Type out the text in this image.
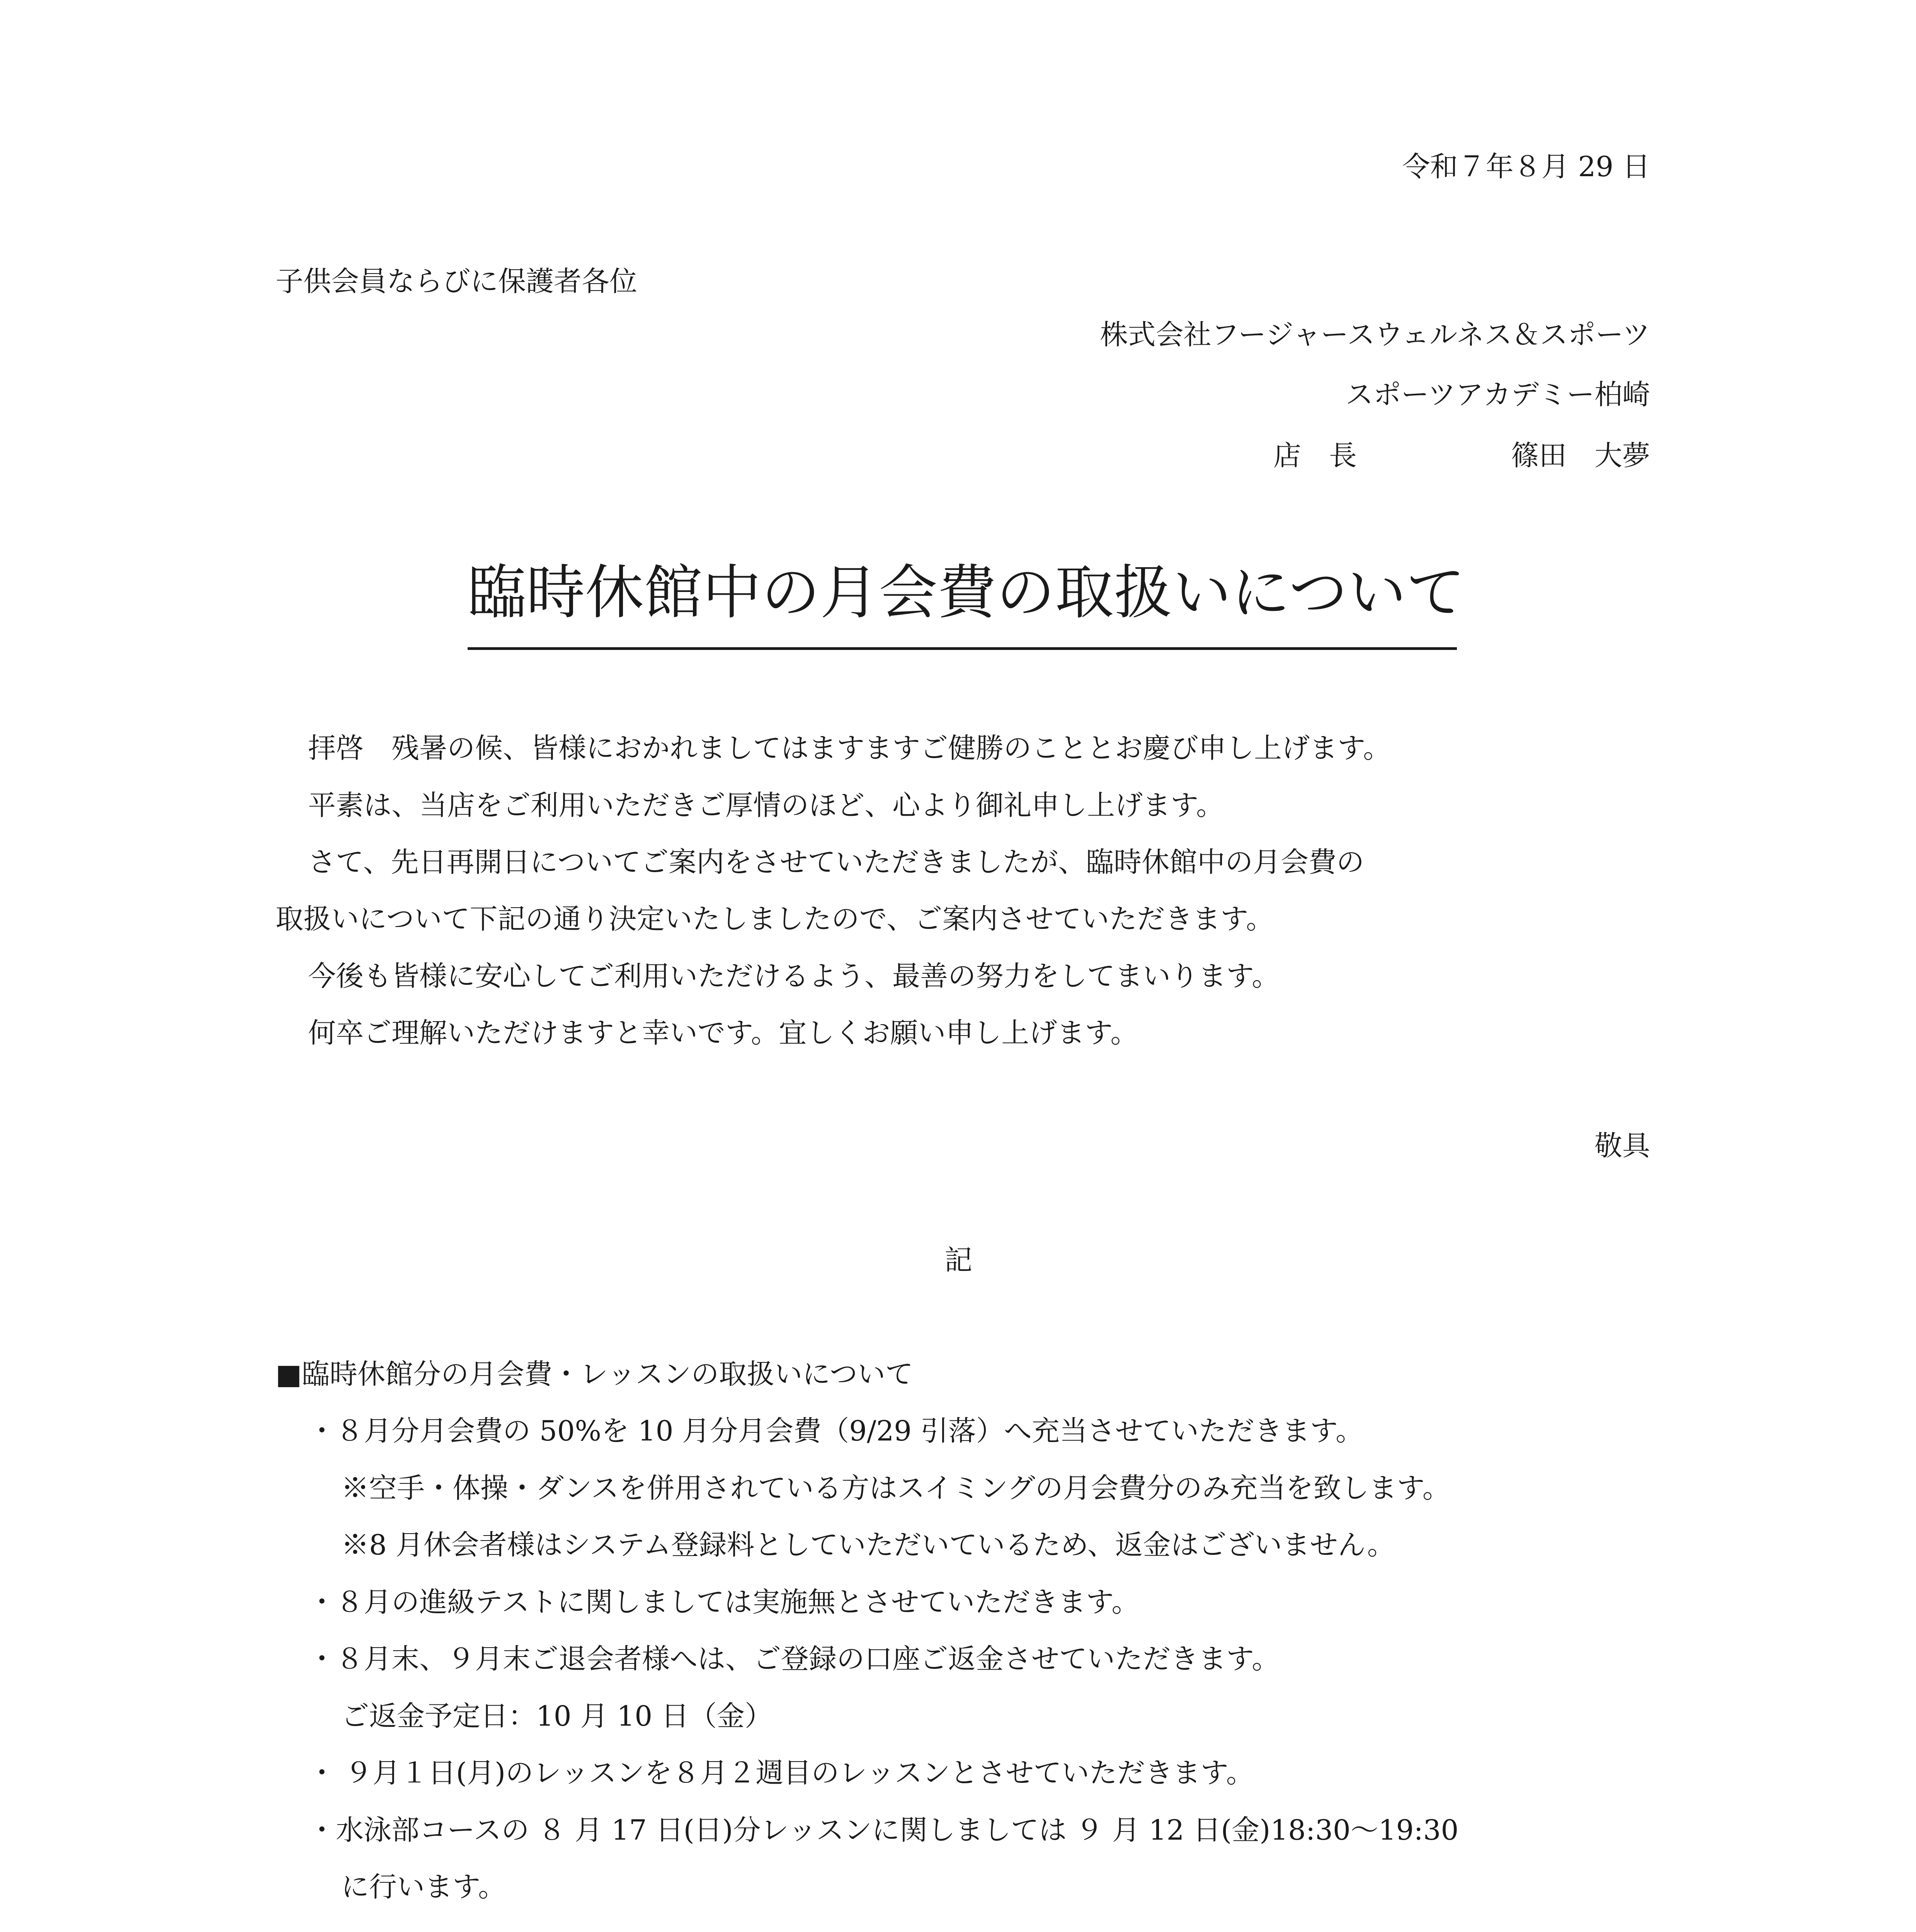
令和７年８月 29 日
子供会員ならびに保護者各位
株式会社フージャースウェルネス＆スポーツ
スポーツアカデミー柏崎
店　長	篠田　大夢
臨時休館中の月会費の取扱いについて
拝啓　残暑の候、皆様におかれましてはますますご健勝のこととお慶び申し上げます。
平素は、当店をご利用いただきご厚情のほど、心より御礼申し上げます。
さて、先日再開日についてご案内をさせていただきましたが、臨時休館中の月会費の
取扱いについて下記の通り決定いたしましたので、ご案内させていただきます。
今後も皆様に安心してご利用いただけるよう、最善の努力をしてまいります。
何卒ご理解いただけますと幸いです。宜しくお願い申し上げます。
敬具
記
■臨時休館分の月会費・レッスンの取扱いについて
・８月分月会費の 50%を 10 月分月会費（9/29 引落）へ充当させていただきます。
※空手・体操・ダンスを併用されている方はスイミングの月会費分のみ充当を致します。
※8 月休会者様はシステム登録料としていただいているため、返金はございません。
・８月の進級テストに関しましては実施無とさせていただきます。
・８月末、９月末ご退会者様へは、ご登録の口座ご返金させていただきます。
ご返金予定日：10 月 10 日（金）
・ ９月１日(月)のレッスンを８月２週目のレッスンとさせていただきます。
・水泳部コースの ８ 月 17 日(日)分レッスンに関しましては ９ 月 12 日(金)18:30～19:30
に行います。
